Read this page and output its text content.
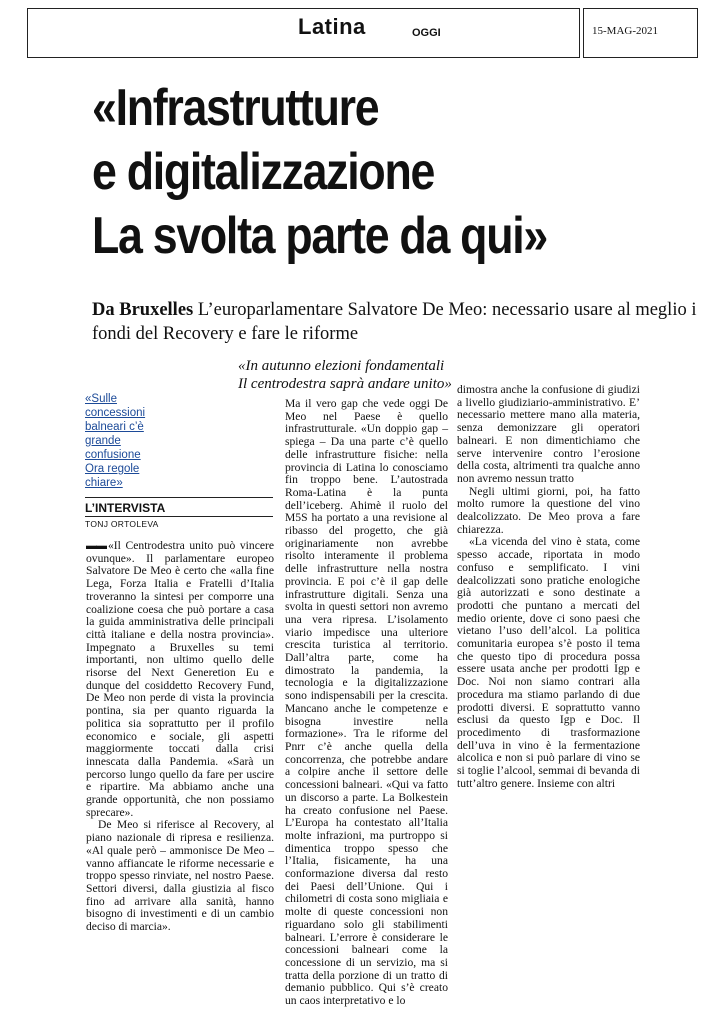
Latina	OGGI	15-MAG-2021
«Infrastrutture
e digitalizzazione
La svolta parte da qui»
Da Bruxelles L’europarlamentare Salvatore De Meo: necessario usare al meglio i fondi del Recovery e fare le riforme
«In autunno elezioni fondamentali
Il centrodestra saprà andare unito»
«Sulle
concessioni
balneari c’è
grande
confusione
Ora regole
chiare»
L’INTERVISTA
TONJ ORTOLEVA

▬▬ «Il Centrodestra unito può vincere ovunque». Il parlamentare europeo Salvatore De Meo è certo che «alla fine Lega, Forza Italia e Fratelli d’Italia troveranno la sintesi per comporre una coalizione coesa che può portare a casa la guida amministrativa delle principali città italiane e della nostra provincia». Impegnato a Bruxelles su temi importanti, non ultimo quello delle risorse del Next Generetion Eu e dunque del cosiddetto Recovery Fund, De Meo non perde di vista la provincia pontina, sia per quanto riguarda la politica sia soprattutto per il profilo economico e sociale, gli aspetti maggiormente toccati dalla crisi innescata dalla Pandemia. «Sarà un percorso lungo quello da fare per uscire e ripartire. Ma abbiamo anche una grande opportunità, che non possiamo sprecare».

De Meo si riferisce al Recovery, al piano nazionale di ripresa e resilienza. «Al quale però – ammonisce De Meo – vanno affiancate le riforme necessarie e troppo spesso rinviate, nel nostro Paese. Settori diversi, dalla giustizia al fisco fino ad arrivare alla sanità, hanno bisogno di investimenti e di un cambio deciso di marcia».

Ma il vero gap che vede oggi De Meo nel Paese è quello infrastrutturale. «Un doppio gap – spiega – Da una parte c’è quello delle infrastrutture fisiche: nella provincia di Latina lo conosciamo fin troppo bene. L’autostrada Roma-Latina è la punta dell’iceberg. Ahimè il ruolo del M5S ha portato a una revisione al ribasso del progetto, che già originariamente non avrebbe risolto interamente il problema delle infrastrutture nella nostra provincia. E poi c’è il gap delle infrastrutture digitali. Senza una svolta in questi settori non avremo una vera ripresa. L’isolamento viario impedisce una ulteriore crescita turistica al territorio. Dall’altra parte, come ha dimostrato la pandemia, la tecnologia e la digitalizzazione sono indispensabili per la crescita. Mancano anche le competenze e bisogna investire nella formazione». Tra le riforme del Pnrr c’è anche quella della concorrenza, che potrebbe andare a colpire anche il settore delle concessioni balneari. «Qui va fatto un discorso a parte. La Bolkestein ha creato confusione nel Paese. L’Europa ha contestato all’Italia molte infrazioni, ma purtroppo si dimentica troppo spesso che l’Italia, fisicamente, ha una conformazione diversa dal resto dei Paesi dell’Unione. Qui i chilometri di costa sono migliaia e molte di queste concessioni non riguardano solo gli stabilimenti balneari. L’errore è considerare le concessioni balneari come la concessione di un servizio, ma si tratta della porzione di un tratto di demanio pubblico. Qui s’è creato un caos interpretativo e lo

dimostra anche la confusione di giudizi a livello giudiziario-amministrativo. E’ necessario mettere mano alla materia, senza demonizzare gli operatori balneari. E non dimentichiamo che serve intervenire contro l’erosione della costa, altrimenti tra qualche anno non avremo nessun tratto

Negli ultimi giorni, poi, ha fatto molto rumore la questione del vino dealcolizzato. De Meo prova a fare chiarezza.

«La vicenda del vino è stata, come spesso accade, riportata in modo confuso e semplificato. I vini dealcolizzati sono pratiche enologiche già autorizzati e sono destinate a prodotti che puntano a mercati del medio oriente, dove ci sono paesi che vietano l’uso dell’alcol. La politica comunitaria europea s’è posto il tema che questo tipo di procedura possa essere usata anche per prodotti Igp e Doc. Noi non siamo contrari alla procedura ma stiamo parlando di due prodotti diversi. E soprattutto vanno esclusi da questo Igp e Doc. Il procedimento di trasformazione dell’uva in vino è la fermentazione alcolica e non si può parlare di vino se si toglie l’alcool, semmai di bevanda di tutt’altro genere. Insieme con altri
